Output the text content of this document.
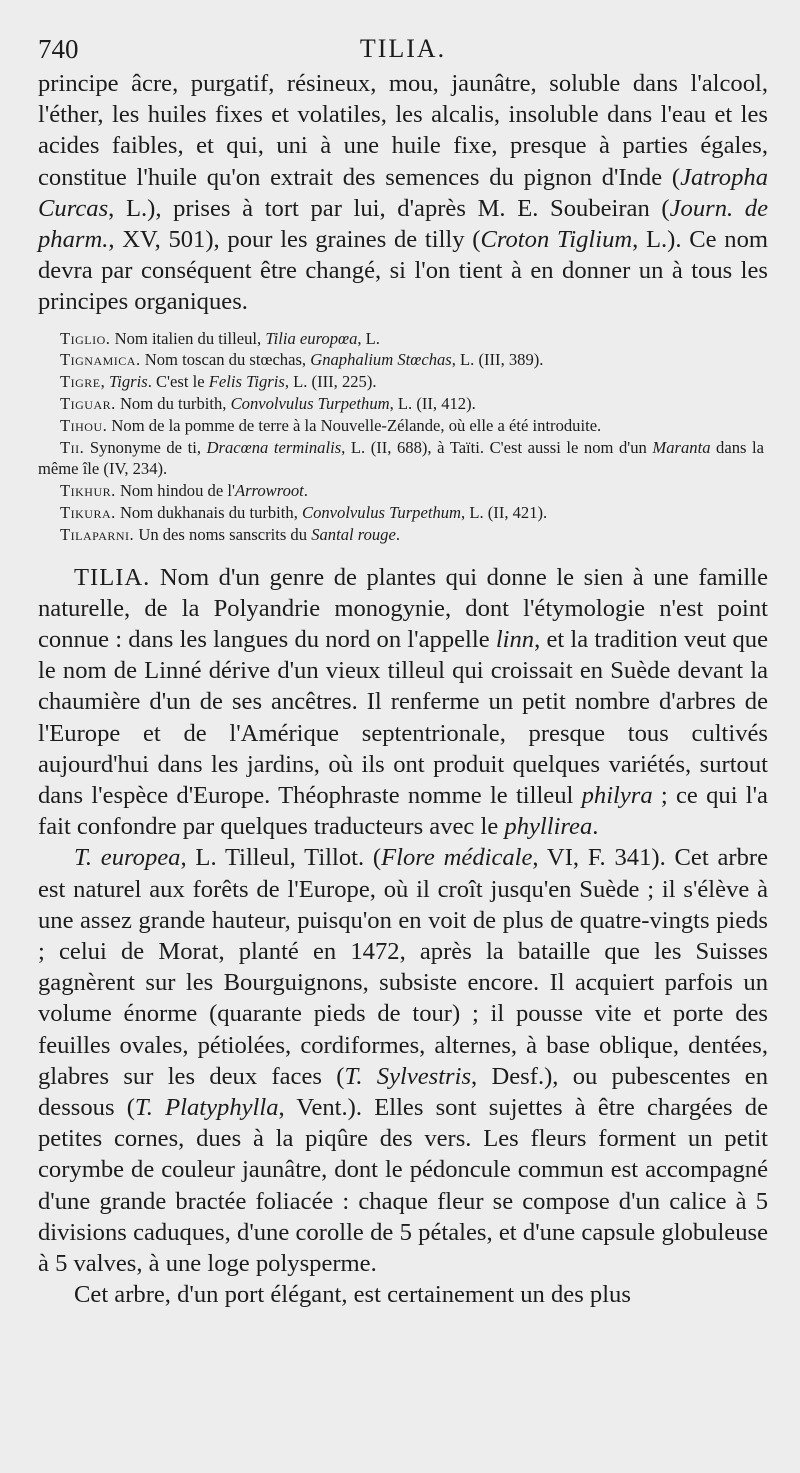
740	TILIA.

principe âcre, purgatif, résineux, mou, jaunâtre, soluble dans l'alcool, l'éther, les huiles fixes et volatiles, les alcalis, insoluble dans l'eau et les acides faibles, et qui, uni à une huile fixe, presque à parties égales, constitue l'huile qu'on extrait des semences du pignon d'Inde (Jatropha Curcas, L.), prises à tort par lui, d'après M. E. Soubeiran (Journ. de pharm., XV, 501), pour les graines de tilly (Croton Tiglium, L.). Ce nom devra par conséquent être changé, si l'on tient à en donner un à tous les principes organiques.

Tiglio. Nom italien du tilleul, Tilia europœa, L.

Tignamica. Nom toscan du stœchas, Gnaphalium Stœchas, L. (III, 389).

Tigre, Tigris. C'est le Felis Tigris, L. (III, 225).

Tiguar. Nom du turbith, Convolvulus Turpethum, L. (II, 412).

Tihou. Nom de la pomme de terre à la Nouvelle-Zélande, où elle a été introduite.

Tii. Synonyme de ti, Dracœna terminalis, L. (II, 688), à Taïti. C'est aussi le nom d'un Maranta dans la même île (IV, 234).

Tikhur. Nom hindou de l'Arrowroot.

Tikura. Nom dukhanais du turbith, Convolvulus Turpethum, L. (II, 421).

Tilaparni. Un des noms sanscrits du Santal rouge.

TILIA. Nom d'un genre de plantes qui donne le sien à une famille naturelle, de la Polyandrie monogynie, dont l'étymologie n'est point connue : dans les langues du nord on l'appelle linn, et la tradition veut que le nom de Linné dérive d'un vieux tilleul qui croissait en Suède devant la chaumière d'un de ses ancêtres. Il renferme un petit nombre d'arbres de l'Europe et de l'Amérique septentrionale, presque tous cultivés aujourd'hui dans les jardins, où ils ont produit quelques variétés, surtout dans l'espèce d'Europe. Théophraste nomme le tilleul philyra ; ce qui l'a fait confondre par quelques traducteurs avec le phyllirea.

T. europea, L. Tilleul, Tillot. (Flore médicale, VI, F. 341). Cet arbre est naturel aux forêts de l'Europe, où il croît jusqu'en Suède ; il s'élève à une assez grande hauteur, puisqu'on en voit de plus de quatre-vingts pieds ; celui de Morat, planté en 1472, après la bataille que les Suisses gagnèrent sur les Bourguignons, subsiste encore. Il acquiert parfois un volume énorme (quarante pieds de tour) ; il pousse vite et porte des feuilles ovales, pétiolées, cordiformes, alternes, à base oblique, dentées, glabres sur les deux faces (T. Sylvestris, Desf.), ou pubescentes en dessous (T. Platyphylla, Vent.). Elles sont sujettes à être chargées de petites cornes, dues à la piqûre des vers. Les fleurs forment un petit corymbe de couleur jaunâtre, dont le pédoncule commun est accompagné d'une grande bractée foliacée : chaque fleur se compose d'un calice à 5 divisions caduques, d'une corolle de 5 pétales, et d'une capsule globuleuse à 5 valves, à une loge polysperme.

Cet arbre, d'un port élégant, est certainement un des plus
